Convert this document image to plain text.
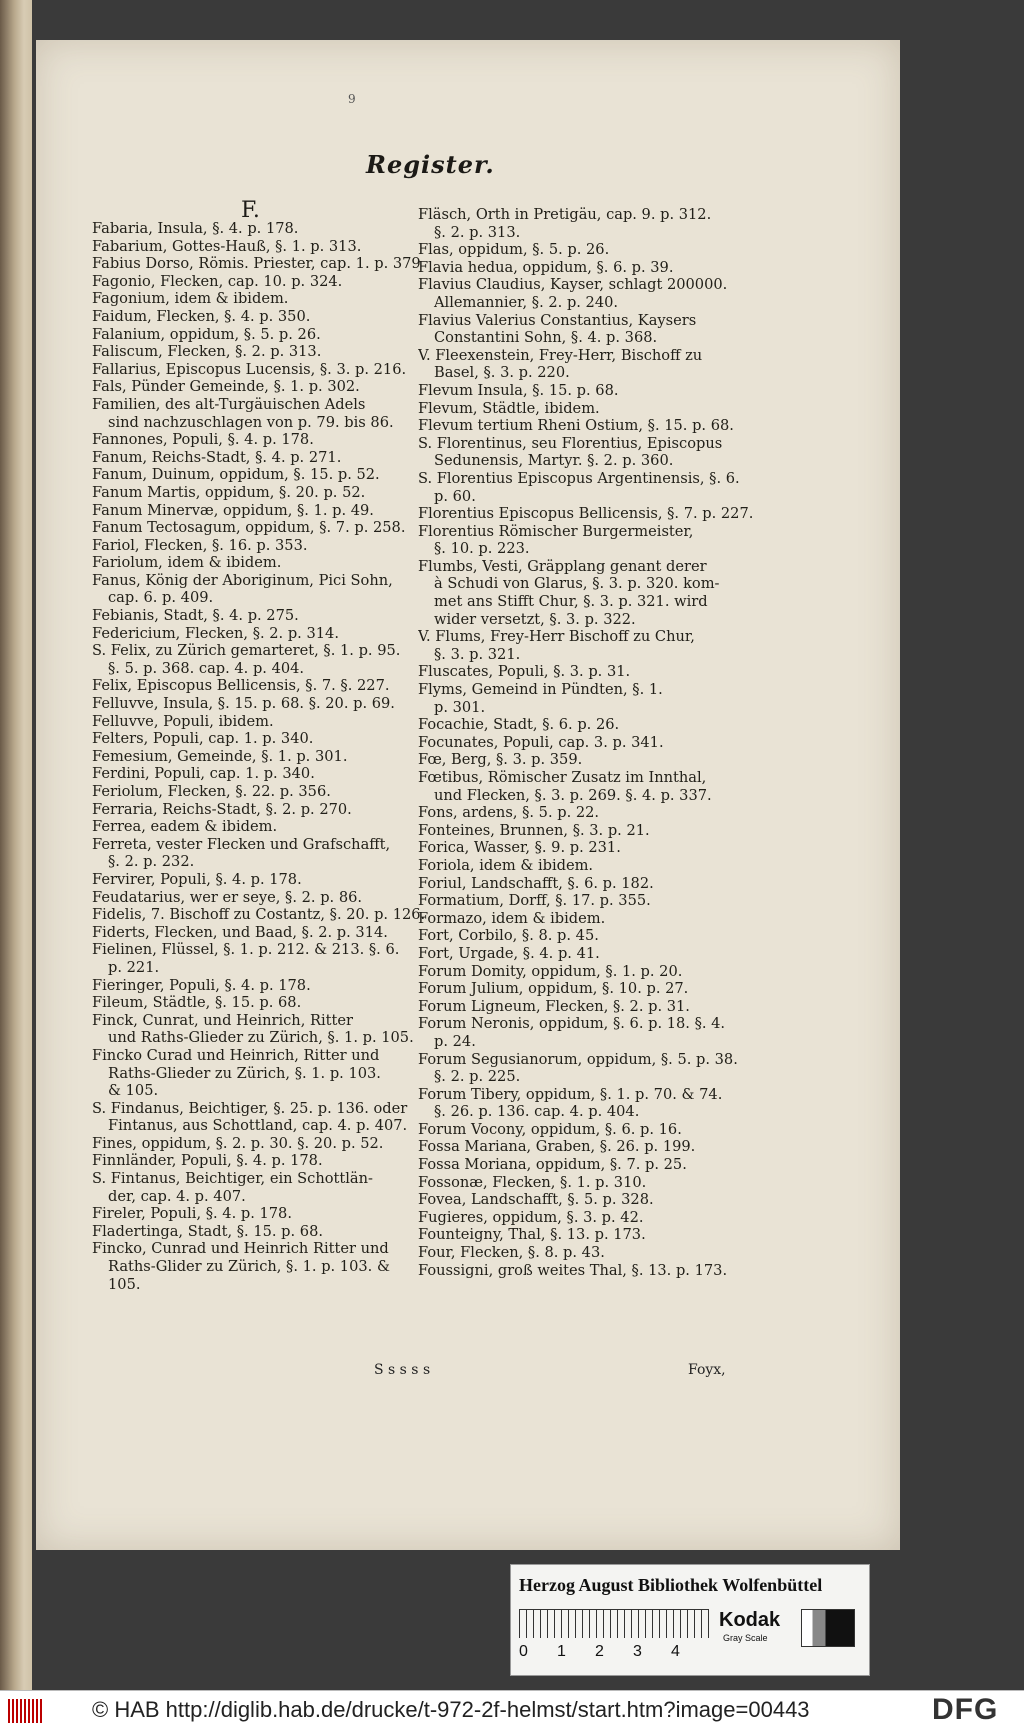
9
Register.
F.
Fabaria, Insula, §. 4. p. 178.
Fabarium, Gottes-Hauß, §. 1. p. 313.
Fabius Dorso, Römis. Priester, cap. 1. p. 379
Fagonio, Flecken, cap. 10. p. 324.
Fagonium, idem & ibidem.
Faidum, Flecken, §. 4. p. 350.
Falanium, oppidum, §. 5. p. 26.
Faliscum, Flecken, §. 2. p. 313.
Fallarius, Episcopus Lucensis, §. 3. p. 216.
Fals, Pünder Gemeinde, §. 1. p. 302.
Familien, des alt-Turgäuischen Adels
sind nachzuschlagen von p. 79. bis 86.
Fannones, Populi, §. 4. p. 178.
Fanum, Reichs-Stadt, §. 4. p. 271.
Fanum, Duinum, oppidum, §. 15. p. 52.
Fanum Martis, oppidum, §. 20. p. 52.
Fanum Minervæ, oppidum, §. 1. p. 49.
Fanum Tectosagum, oppidum, §. 7. p. 258.
Fariol, Flecken, §. 16. p. 353.
Fariolum, idem & ibidem.
Fanus, König der Aboriginum, Pici Sohn,
cap. 6. p. 409.
Febianis, Stadt, §. 4. p. 275.
Federicium, Flecken, §. 2. p. 314.
S. Felix, zu Zürich gemarteret, §. 1. p. 95.
§. 5. p. 368. cap. 4. p. 404.
Felix, Episcopus Bellicensis, §. 7. §. 227.
Felluvve, Insula, §. 15. p. 68. §. 20. p. 69.
Felluvve, Populi, ibidem.
Felters, Populi, cap. 1. p. 340.
Femesium, Gemeinde, §. 1. p. 301.
Ferdini, Populi, cap. 1. p. 340.
Feriolum, Flecken, §. 22. p. 356.
Ferraria, Reichs-Stadt, §. 2. p. 270.
Ferrea, eadem & ibidem.
Ferreta, vester Flecken und Grafschafft,
§. 2. p. 232.
Fervirer, Populi, §. 4. p. 178.
Feudatarius, wer er seye, §. 2. p. 86.
Fidelis, 7. Bischoff zu Costantz, §. 20. p. 126.
Fiderts, Flecken, und Baad, §. 2. p. 314.
Fielinen, Flüssel, §. 1. p. 212. & 213. §. 6.
p. 221.
Fieringer, Populi, §. 4. p. 178.
Fileum, Städtle, §. 15. p. 68.
Finck, Cunrat, und Heinrich, Ritter
und Raths-Glieder zu Zürich, §. 1. p. 105.
Fincko Curad und Heinrich, Ritter und
Raths-Glieder zu Zürich, §. 1. p. 103.
& 105.
S. Findanus, Beichtiger, §. 25. p. 136. oder
Fintanus, aus Schottland, cap. 4. p. 407.
Fines, oppidum, §. 2. p. 30. §. 20. p. 52.
Finnländer, Populi, §. 4. p. 178.
S. Fintanus, Beichtiger, ein Schottlän-
der, cap. 4. p. 407.
Fireler, Populi, §. 4. p. 178.
Fladertinga, Stadt, §. 15. p. 68.
Fincko, Cunrad und Heinrich Ritter und
Raths-Glider zu Zürich, §. 1. p. 103. &
105.
Fläsch, Orth in Pretigäu, cap. 9. p. 312.
§. 2. p. 313.
Flas, oppidum, §. 5. p. 26.
Flavia hedua, oppidum, §. 6. p. 39.
Flavius Claudius, Kayser, schlagt 200000.
Allemannier, §. 2. p. 240.
Flavius Valerius Constantius, Kaysers
Constantini Sohn, §. 4. p. 368.
V. Fleexenstein, Frey-Herr, Bischoff zu
Basel, §. 3. p. 220.
Flevum Insula, §. 15. p. 68.
Flevum, Städtle, ibidem.
Flevum tertium Rheni Ostium, §. 15. p. 68.
S. Florentinus, seu Florentius, Episcopus
Sedunensis, Martyr. §. 2. p. 360.
S. Florentius Episcopus Argentinensis, §. 6.
p. 60.
Florentius Episcopus Bellicensis, §. 7. p. 227.
Florentius Römischer Burgermeister,
§. 10. p. 223.
Flumbs, Vesti, Gräpplang genant derer
à Schudi von Glarus, §. 3. p. 320. kom-
met ans Stifft Chur, §. 3. p. 321. wird
wider versetzt, §. 3. p. 322.
V. Flums, Frey-Herr Bischoff zu Chur,
§. 3. p. 321.
Fluscates, Populi, §. 3. p. 31.
Flyms, Gemeind in Pündten, §. 1.
p. 301.
Focachie, Stadt, §. 6. p. 26.
Focunates, Populi, cap. 3. p. 341.
Fœ, Berg, §. 3. p. 359.
Fœtibus, Römischer Zusatz im Innthal,
und Flecken, §. 3. p. 269. §. 4. p. 337.
Fons, ardens, §. 5. p. 22.
Fonteines, Brunnen, §. 3. p. 21.
Forica, Wasser, §. 9. p. 231.
Foriola, idem & ibidem.
Foriul, Landschafft, §. 6. p. 182.
Formatium, Dorff, §. 17. p. 355.
Formazo, idem & ibidem.
Fort, Corbilo, §. 8. p. 45.
Fort, Urgade, §. 4. p. 41.
Forum Domity, oppidum, §. 1. p. 20.
Forum Julium, oppidum, §. 10. p. 27.
Forum Ligneum, Flecken, §. 2. p. 31.
Forum Neronis, oppidum, §. 6. p. 18. §. 4.
p. 24.
Forum Segusianorum, oppidum, §. 5. p. 38.
§. 2. p. 225.
Forum Tibery, oppidum, §. 1. p. 70. & 74.
§. 26. p. 136. cap. 4. p. 404.
Forum Vocony, oppidum, §. 6. p. 16.
Fossa Mariana, Graben, §. 26. p. 199.
Fossa Moriana, oppidum, §. 7. p. 25.
Fossonæ, Flecken, §. 1. p. 310.
Fovea, Landschafft, §. 5. p. 328.
Fugieres, oppidum, §. 3. p. 42.
Founteigny, Thal, §. 13. p. 173.
Four, Flecken, §. 8. p. 43.
Foussigni, groß weites Thal, §. 13. p. 173.
S s s s s	Foyx,
Herzog August Bibliothek Wolfenbüttel
0 1 2 3 4
Kodak
Gray Scale
© HAB http://diglib.hab.de/drucke/t-972-2f-helmst/start.htm?image=00443	DFG
